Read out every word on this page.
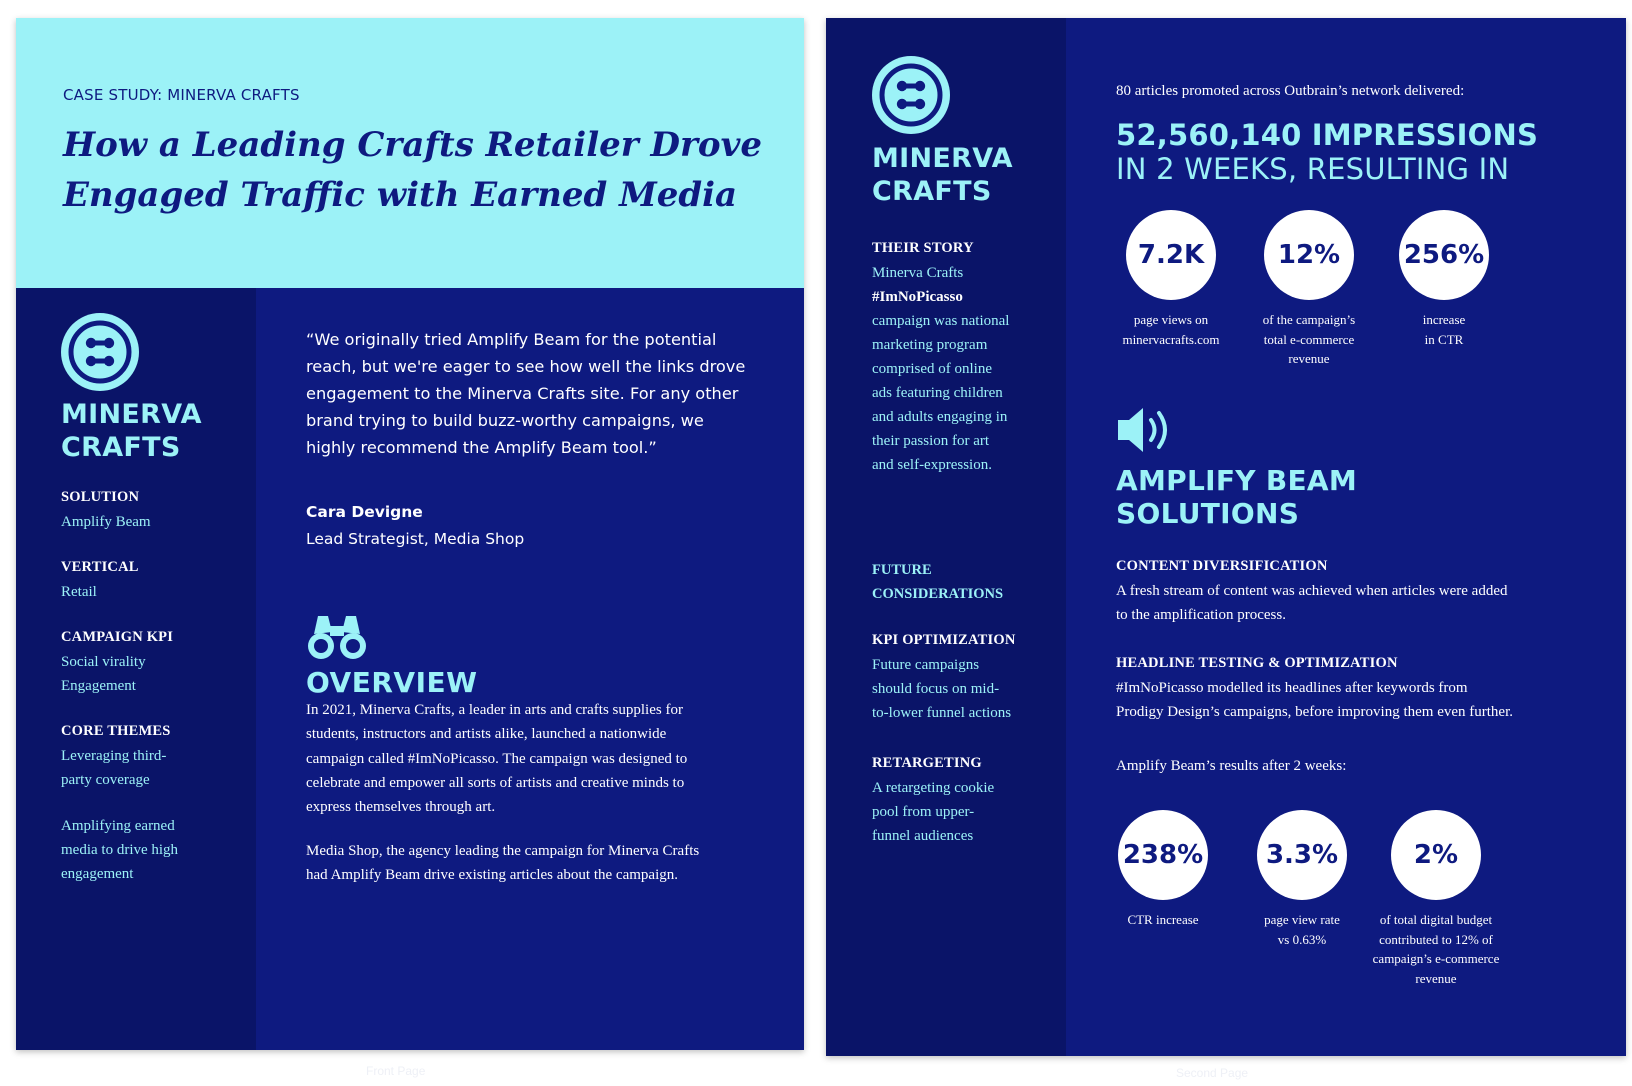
CASE STUDY: MINERVA CRAFTS
How a Leading Crafts Retailer Drove
Engaged Traffic with Earned Media
MINERVA
CRAFTS
SOLUTION
Amplify Beam
VERTICAL
Retail
CAMPAIGN KPI
Social virality
Engagement
CORE THEMES
Leveraging third-
party coverage
Amplifying earned
media to drive high
engagement
“We originally tried Amplify Beam for the potential
reach, but we're eager to see how well the links drove
engagement to the Minerva Crafts site. For any other
brand trying to build buzz-worthy campaigns, we
highly recommend the Amplify Beam tool.”
Cara Devigne
Lead Strategist, Media Shop
OVERVIEW
In 2021, Minerva Crafts, a leader in arts and crafts supplies for
students, instructors and artists alike, launched a nationwide
campaign called #ImNoPicasso. The campaign was designed to
celebrate and empower all sorts of artists and creative minds to
express themselves through art.
Media Shop, the agency leading the campaign for Minerva Crafts
had Amplify Beam drive existing articles about the campaign.
Front Page
MINERVA
CRAFTS
THEIR STORY
Minerva Crafts
#ImNoPicasso
campaign was national
marketing program
comprised of online
ads featuring children
and adults engaging in
their passion for art
and self-expression.
FUTURE
CONSIDERATIONS
KPI OPTIMIZATION
Future campaigns
should focus on mid-
to-lower funnel actions
RETARGETING
A retargeting cookie
pool from upper-
funnel audiences
80 articles promoted across Outbrain’s network delivered:
52,560,140 IMPRESSIONS
IN 2 WEEKS, RESULTING IN
7.2K
page views on
minervacrafts.com
12%
of the campaign’s
total e-commerce
revenue
256%
increase
in CTR
AMPLIFY BEAM
SOLUTIONS
CONTENT DIVERSIFICATION
A fresh stream of content was achieved when articles were added
to the amplification process.
HEADLINE TESTING & OPTIMIZATION
#ImNoPicasso modelled its headlines after keywords from
Prodigy Design’s campaigns, before improving them even further.
Amplify Beam’s results after 2 weeks:
238%
CTR increase
3.3%
page view rate
vs 0.63%
2%
of total digital budget
contributed to 12% of
campaign’s e-commerce
revenue
Second Page
